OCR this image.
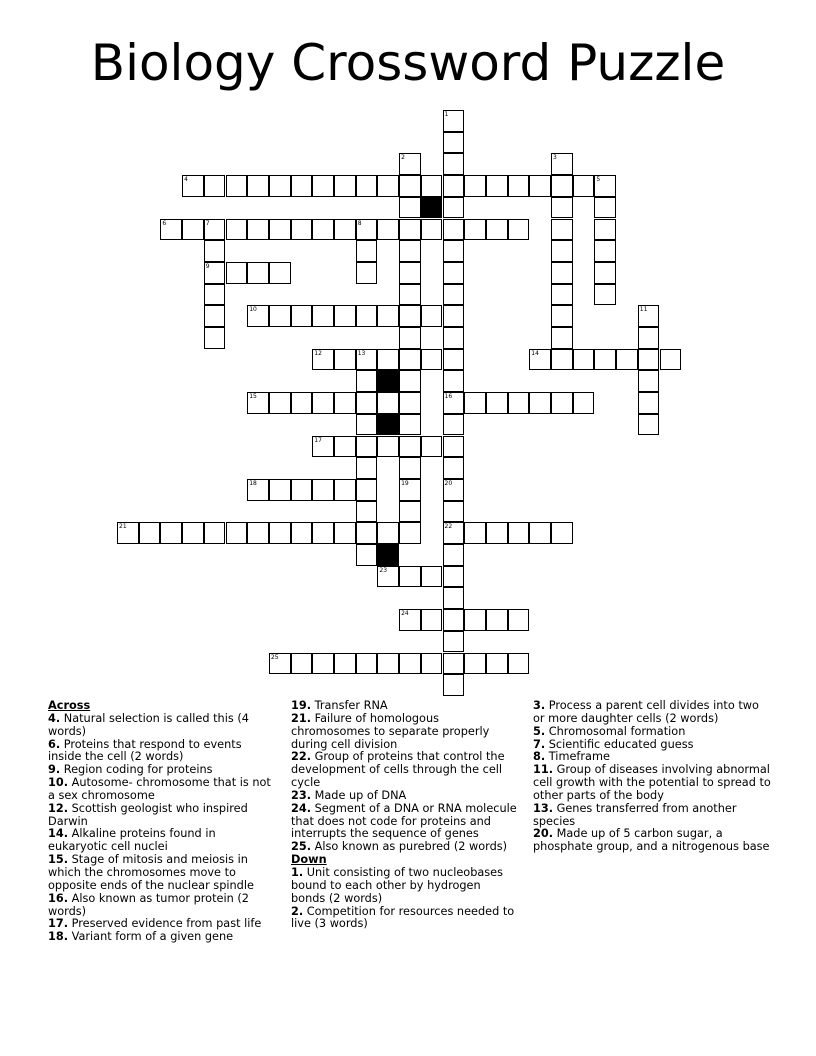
Biology Crossword Puzzle
1
16
20
22
2
19
3
4	5
6	7	8
9
10	11
12	13	14
15
17
18
21
23
24
25
Across
4. Natural selection is called this (4 words)
6. Proteins that respond to events inside the cell (2 words)
9. Region coding for proteins
10. Autosome- chromosome that is not a sex chromosome
12. Scottish geologist who inspired Darwin
14. Alkaline proteins found in eukaryotic cell nuclei
15. Stage of mitosis and meiosis in which the chromosomes move to opposite ends of the nuclear spindle
16. Also known as tumor protein (2 words)
17. Preserved evidence from past life
18. Variant form of a given gene
19. Transfer RNA
21. Failure of homologous chromosomes to separate properly during cell division
22. Group of proteins that control the development of cells through the cell cycle
23. Made up of DNA
24. Segment of a DNA or RNA molecule that does not code for proteins and interrupts the sequence of genes
25. Also known as purebred (2 words)
Down
1. Unit consisting of two nucleobases bound to each other by hydrogen bonds (2 words)
2. Competition for resources needed to live (3 words)
3. Process a parent cell divides into two or more daughter cells (2 words)
5. Chromosomal formation
7. Scientific educated guess
8. Timeframe
11. Group of diseases involving abnormal cell growth with the potential to spread to other parts of the body
13. Genes transferred from another species
20. Made up of 5 carbon sugar, a phosphate group, and a nitrogenous base
